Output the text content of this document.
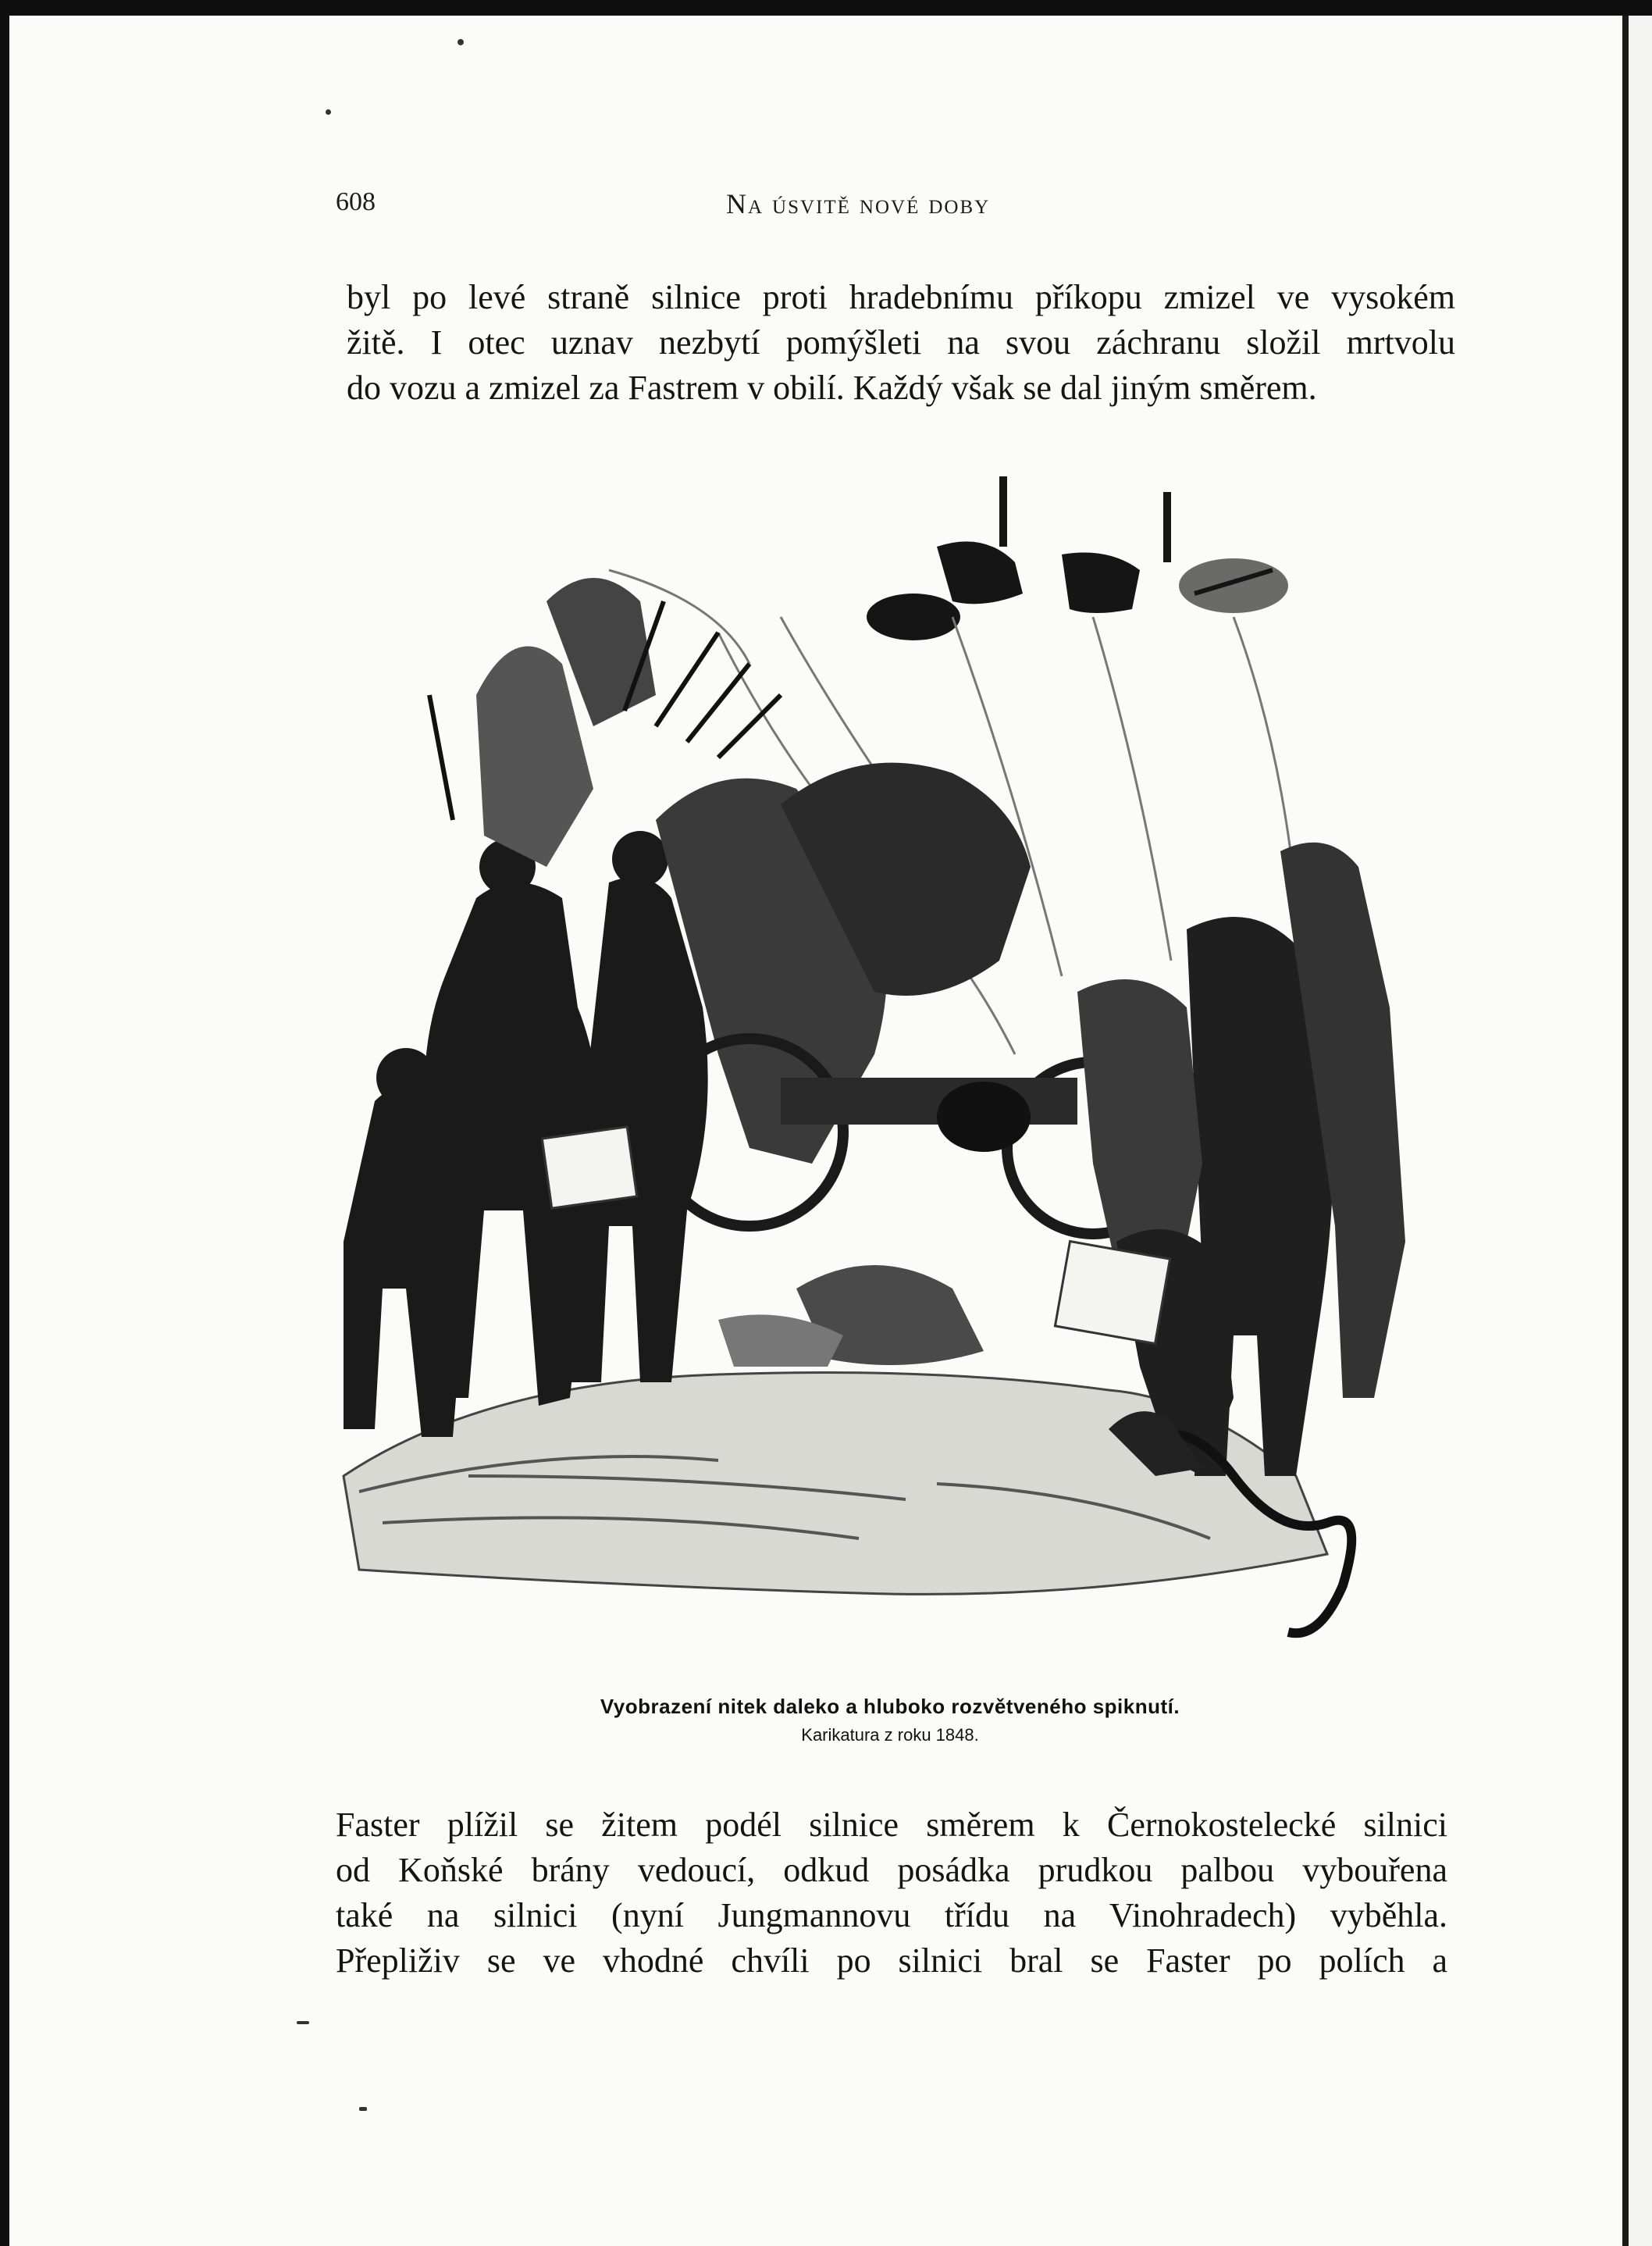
608	Na úsvitě nové doby

byl po levé straně silnice proti hradebnímu příkopu zmizel ve vysokém
žitě. I otec uznav nezbytí pomýšleti na svou záchranu složil mrtvolu
do vozu a zmizel za Fastrem v obilí. Každý však se dal jiným směrem.

Vyobrazení nitek daleko a hluboko rozvětveného spiknutí.
Karikatura z roku 1848.

Faster plížil se žitem podél silnice směrem k Černokostelecké silnici
od Koňské brány vedoucí, odkud posádka prudkou palbou vybouřena
také na silnici (nyní Jungmannovu třídu na Vinohradech) vyběhla.
Přepliživ se ve vhodné chvíli po silnici bral se Faster po polích a
